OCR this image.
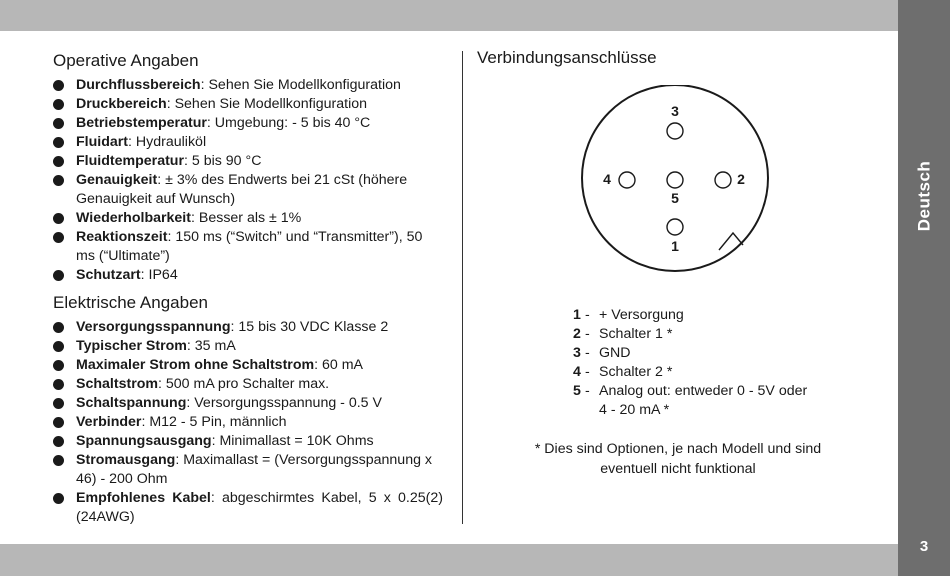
Deutsch
3
Operative Angaben
Durchflussbereich: Sehen Sie Modellkonfiguration
Druckbereich: Sehen Sie Modellkonfiguration
Betriebstemperatur: Umgebung: - 5 bis 40 °C
Fluidart: Hydrauliköl
Fluidtemperatur: 5 bis 90 °C
Genauigkeit: ± 3% des Endwerts bei 21 cSt (höhere Genauigkeit auf Wunsch)
Wiederholbarkeit: Besser als ± 1%
Reaktionszeit: 150 ms (“Switch” und “Transmitter”), 50 ms (“Ultimate”)
Schutzart: IP64
Elektrische Angaben
Versorgungsspannung: 15 bis 30 VDC Klasse 2
Typischer Strom: 35 mA
Maximaler Strom ohne Schaltstrom: 60 mA
Schaltstrom: 500 mA pro Schalter max.
Schaltspannung: Versorgungsspannung - 0.5 V
Verbinder: M12 - 5 Pin, männlich
Spannungsausgang: Minimallast = 10K Ohms
Stromausgang: Maximallast = (Versorgungsspannung x 46) - 200 Ohm
Empfohlenes Kabel: abgeschirmtes Kabel, 5 x 0.25(2) (24AWG)
Verbindungsanschlüsse
3
4
5
2
1
1 - + Versorgung
2 - Schalter 1 *
3 - GND
4 - Schalter 2 *
5 - Analog out: entweder 0 - 5V oder
4 - 20 mA *
* Dies sind Optionen, je nach Modell und sind
eventuell nicht funktional
